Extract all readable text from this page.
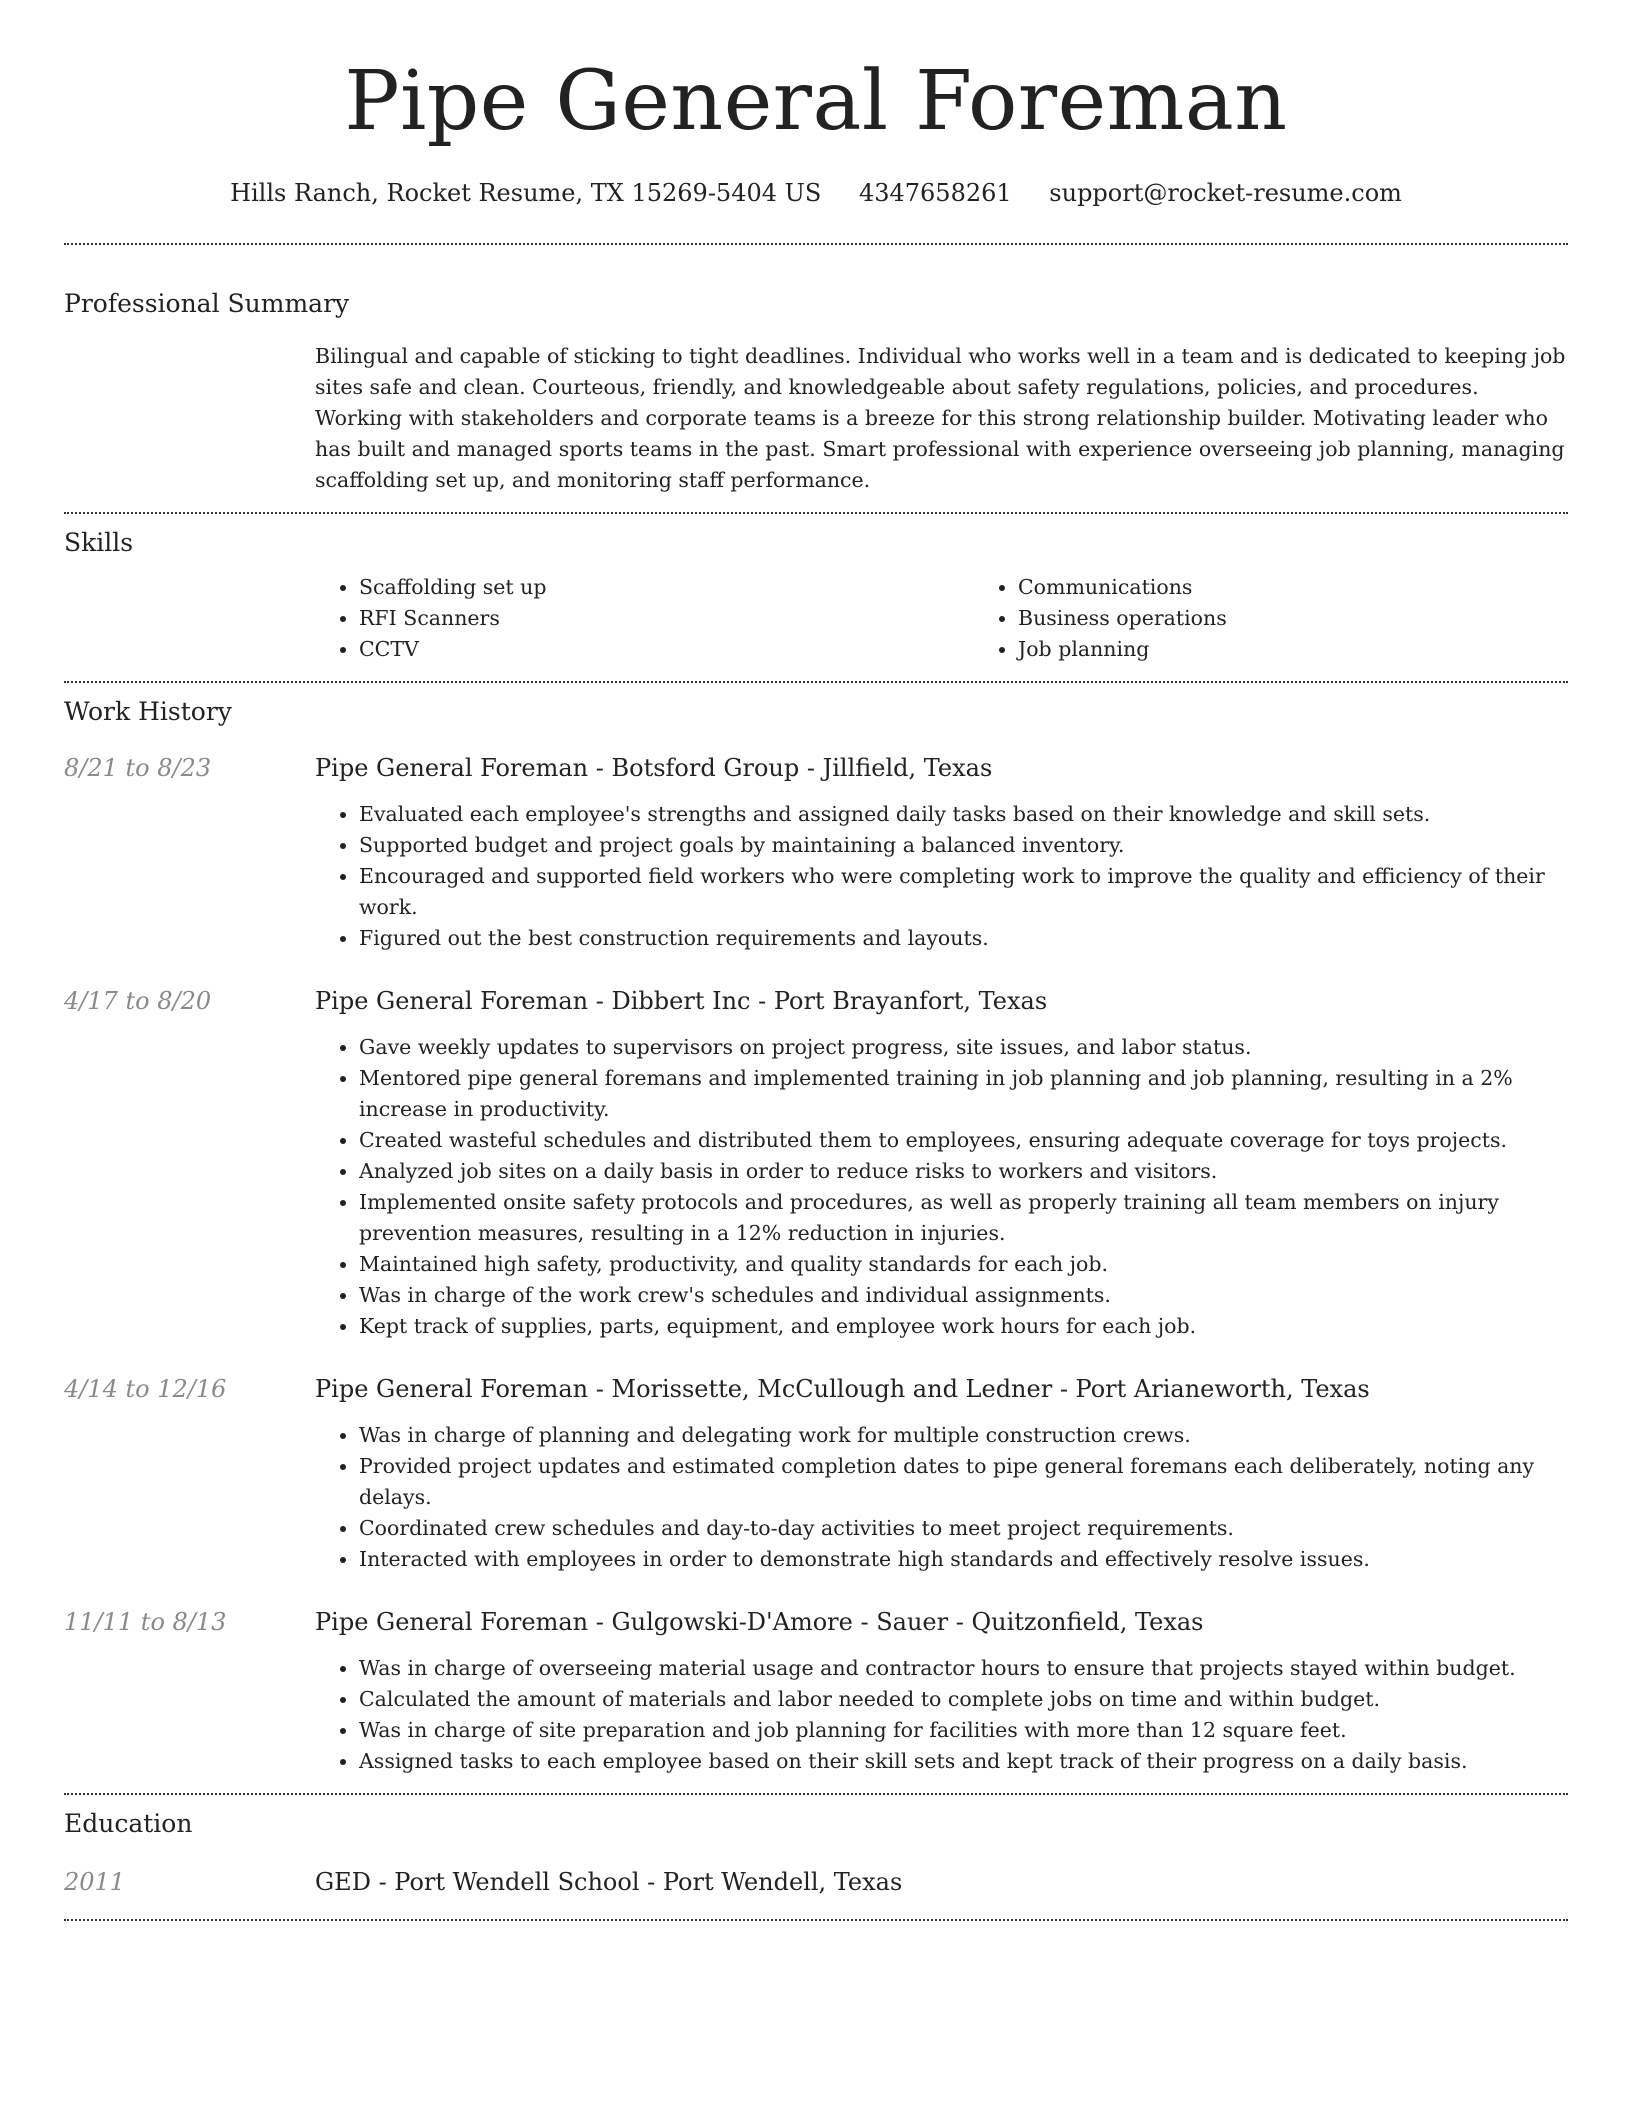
Pipe General Foreman
Hills Ranch, Rocket Resume, TX 15269-5404 US 4347658261 support@rocket-resume.com
Professional Summary

Bilingual and capable of sticking to tight deadlines. Individual who works well in a team and is dedicated to keeping job sites safe and clean. Courteous, friendly, and knowledgeable about safety regulations, policies, and procedures. Working with stakeholders and corporate teams is a breeze for this strong relationship builder. Motivating leader who has built and managed sports teams in the past. Smart professional with experience overseeing job planning, managing scaffolding set up, and monitoring staff performance.

Skills
• Scaffolding set up
• RFI Scanners
• CCTV
• Communications
• Business operations
• Job planning
Work History
8/21 to 8/23	Pipe General Foreman - Botsford Group - Jillfield, Texas
• Evaluated each employee's strengths and assigned daily tasks based on their knowledge and skill sets.
• Supported budget and project goals by maintaining a balanced inventory.
• Encouraged and supported field workers who were completing work to improve the quality and efficiency of their work.
• Figured out the best construction requirements and layouts.
4/17 to 8/20	Pipe General Foreman - Dibbert Inc - Port Brayanfort, Texas
• Gave weekly updates to supervisors on project progress, site issues, and labor status.
• Mentored pipe general foremans and implemented training in job planning and job planning, resulting in a 2% increase in productivity.
• Created wasteful schedules and distributed them to employees, ensuring adequate coverage for toys projects.
• Analyzed job sites on a daily basis in order to reduce risks to workers and visitors.
• Implemented onsite safety protocols and procedures, as well as properly training all team members on injury prevention measures, resulting in a 12% reduction in injuries.
• Maintained high safety, productivity, and quality standards for each job.
• Was in charge of the work crew's schedules and individual assignments.
• Kept track of supplies, parts, equipment, and employee work hours for each job.
4/14 to 12/16	Pipe General Foreman - Morissette, McCullough and Ledner - Port Arianeworth, Texas
• Was in charge of planning and delegating work for multiple construction crews.
• Provided project updates and estimated completion dates to pipe general foremans each deliberately, noting any delays.
• Coordinated crew schedules and day-to-day activities to meet project requirements.
• Interacted with employees in order to demonstrate high standards and effectively resolve issues.
11/11 to 8/13	Pipe General Foreman - Gulgowski-D'Amore - Sauer - Quitzonfield, Texas
• Was in charge of overseeing material usage and contractor hours to ensure that projects stayed within budget.
• Calculated the amount of materials and labor needed to complete jobs on time and within budget.
• Was in charge of site preparation and job planning for facilities with more than 12 square feet.
• Assigned tasks to each employee based on their skill sets and kept track of their progress on a daily basis.
Education
2011	GED - Port Wendell School - Port Wendell, Texas
